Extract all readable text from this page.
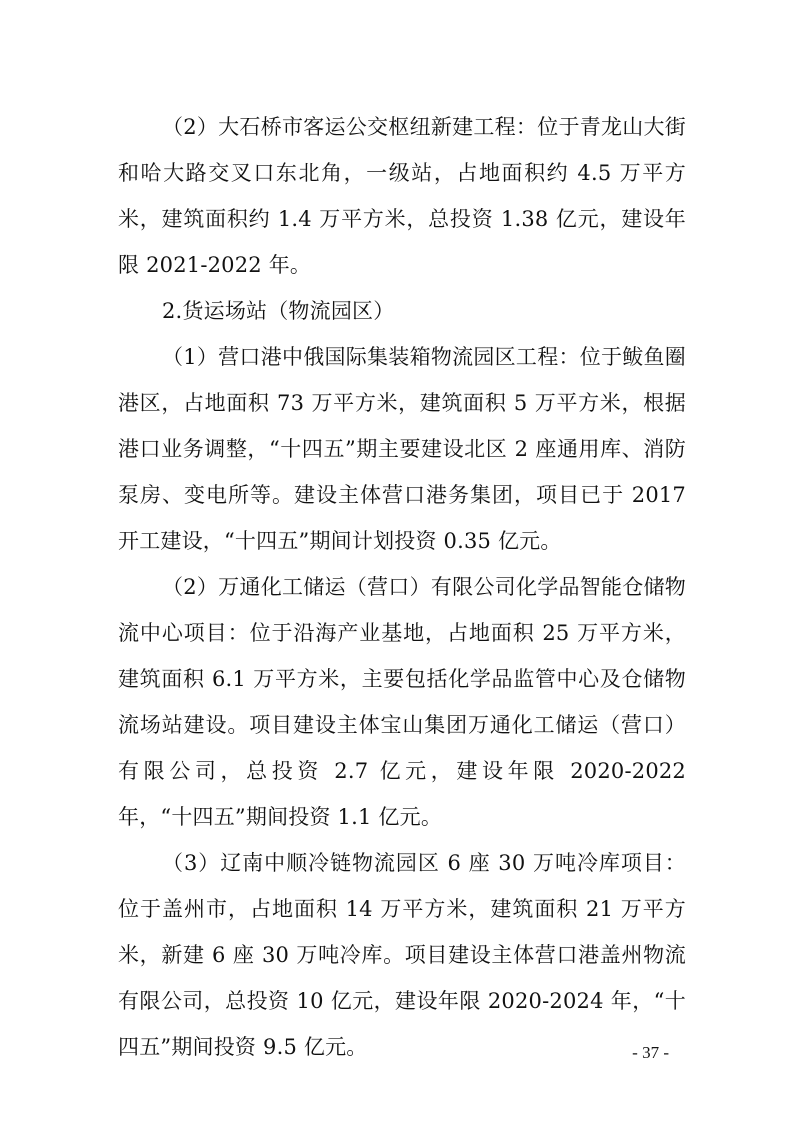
（2）大石桥市客运公交枢纽新建工程：位于青龙山大街和哈大路交叉口东北角，一级站，占地面积约 4.5 万平方米，建筑面积约 1.4 万平方米，总投资 1.38 亿元，建设年限 2021-2022 年。

2.货运场站（物流园区）

（1）营口港中俄国际集装箱物流园区工程：位于鲅鱼圈港区，占地面积 73 万平方米，建筑面积 5 万平方米，根据港口业务调整，“十四五”期主要建设北区 2 座通用库、消防泵房、变电所等。建设主体营口港务集团，项目已于 2017 开工建设，“十四五”期间计划投资 0.35 亿元。

（2）万通化工储运（营口）有限公司化学品智能仓储物流中心项目：位于沿海产业基地，占地面积 25 万平方米，建筑面积 6.1 万平方米，主要包括化学品监管中心及仓储物流场站建设。项目建设主体宝山集团万通化工储运（营口）有限公司，总投资 2.7 亿元，建设年限 2020-2022 年，“十四五”期间投资 1.1 亿元。

（3）辽南中顺冷链物流园区 6 座 30 万吨冷库项目：位于盖州市，占地面积 14 万平方米，建筑面积 21 万平方米，新建 6 座 30 万吨冷库。项目建设主体营口港盖州物流有限公司，总投资 10 亿元，建设年限 2020-2024 年，“十四五”期间投资 9.5 亿元。	- 37 -
